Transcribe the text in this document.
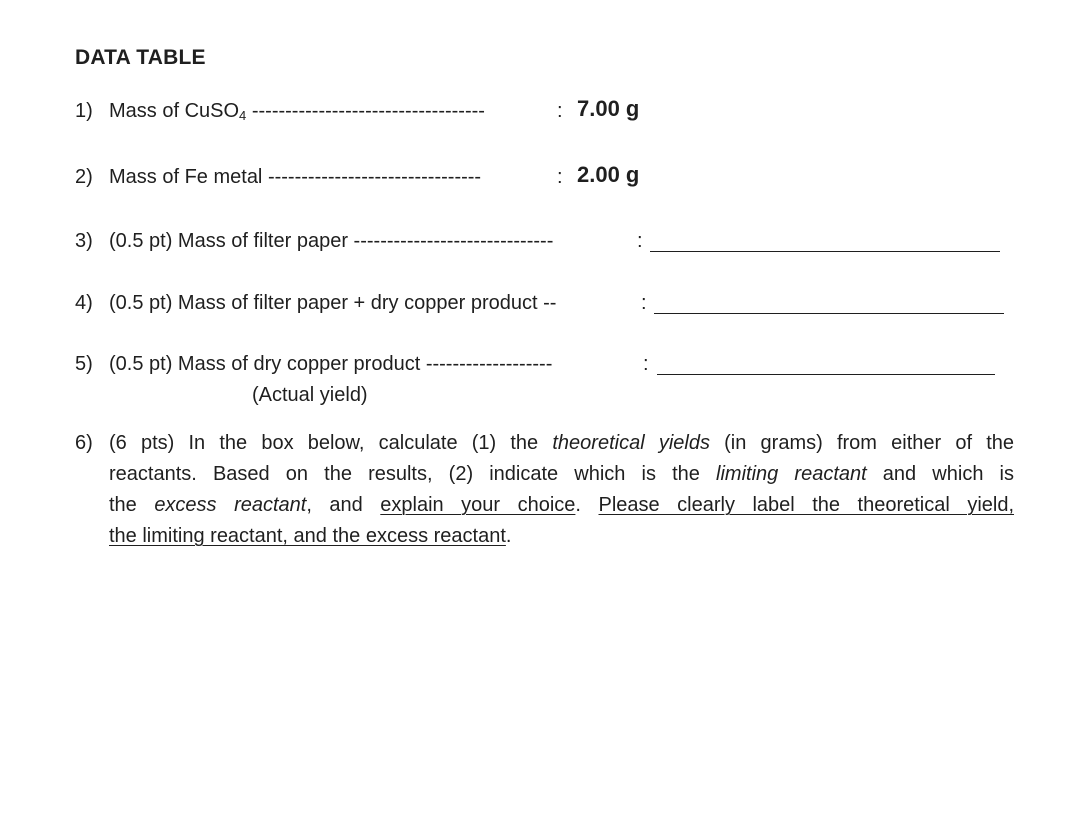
DATA TABLE
1) Mass of CuSO$_4$ -----------------------------------	: 7.00 g
2) Mass of Fe metal --------------------------------	: 2.00 g
3) (0.5 pt) Mass of filter paper ------------------------------	:
4) (0.5 pt) Mass of filter paper + dry copper product --	:
5) (0.5 pt) Mass of dry copper product -------------------	:
(Actual yield)
6) (6 pts) In the box below, calculate (1) the theoretical yields (in grams) from either of the
reactants. Based on the results, (2) indicate which is the limiting reactant and which is
the excess reactant, and explain your choice. Please clearly label the theoretical yield,
the limiting reactant, and the excess reactant.
